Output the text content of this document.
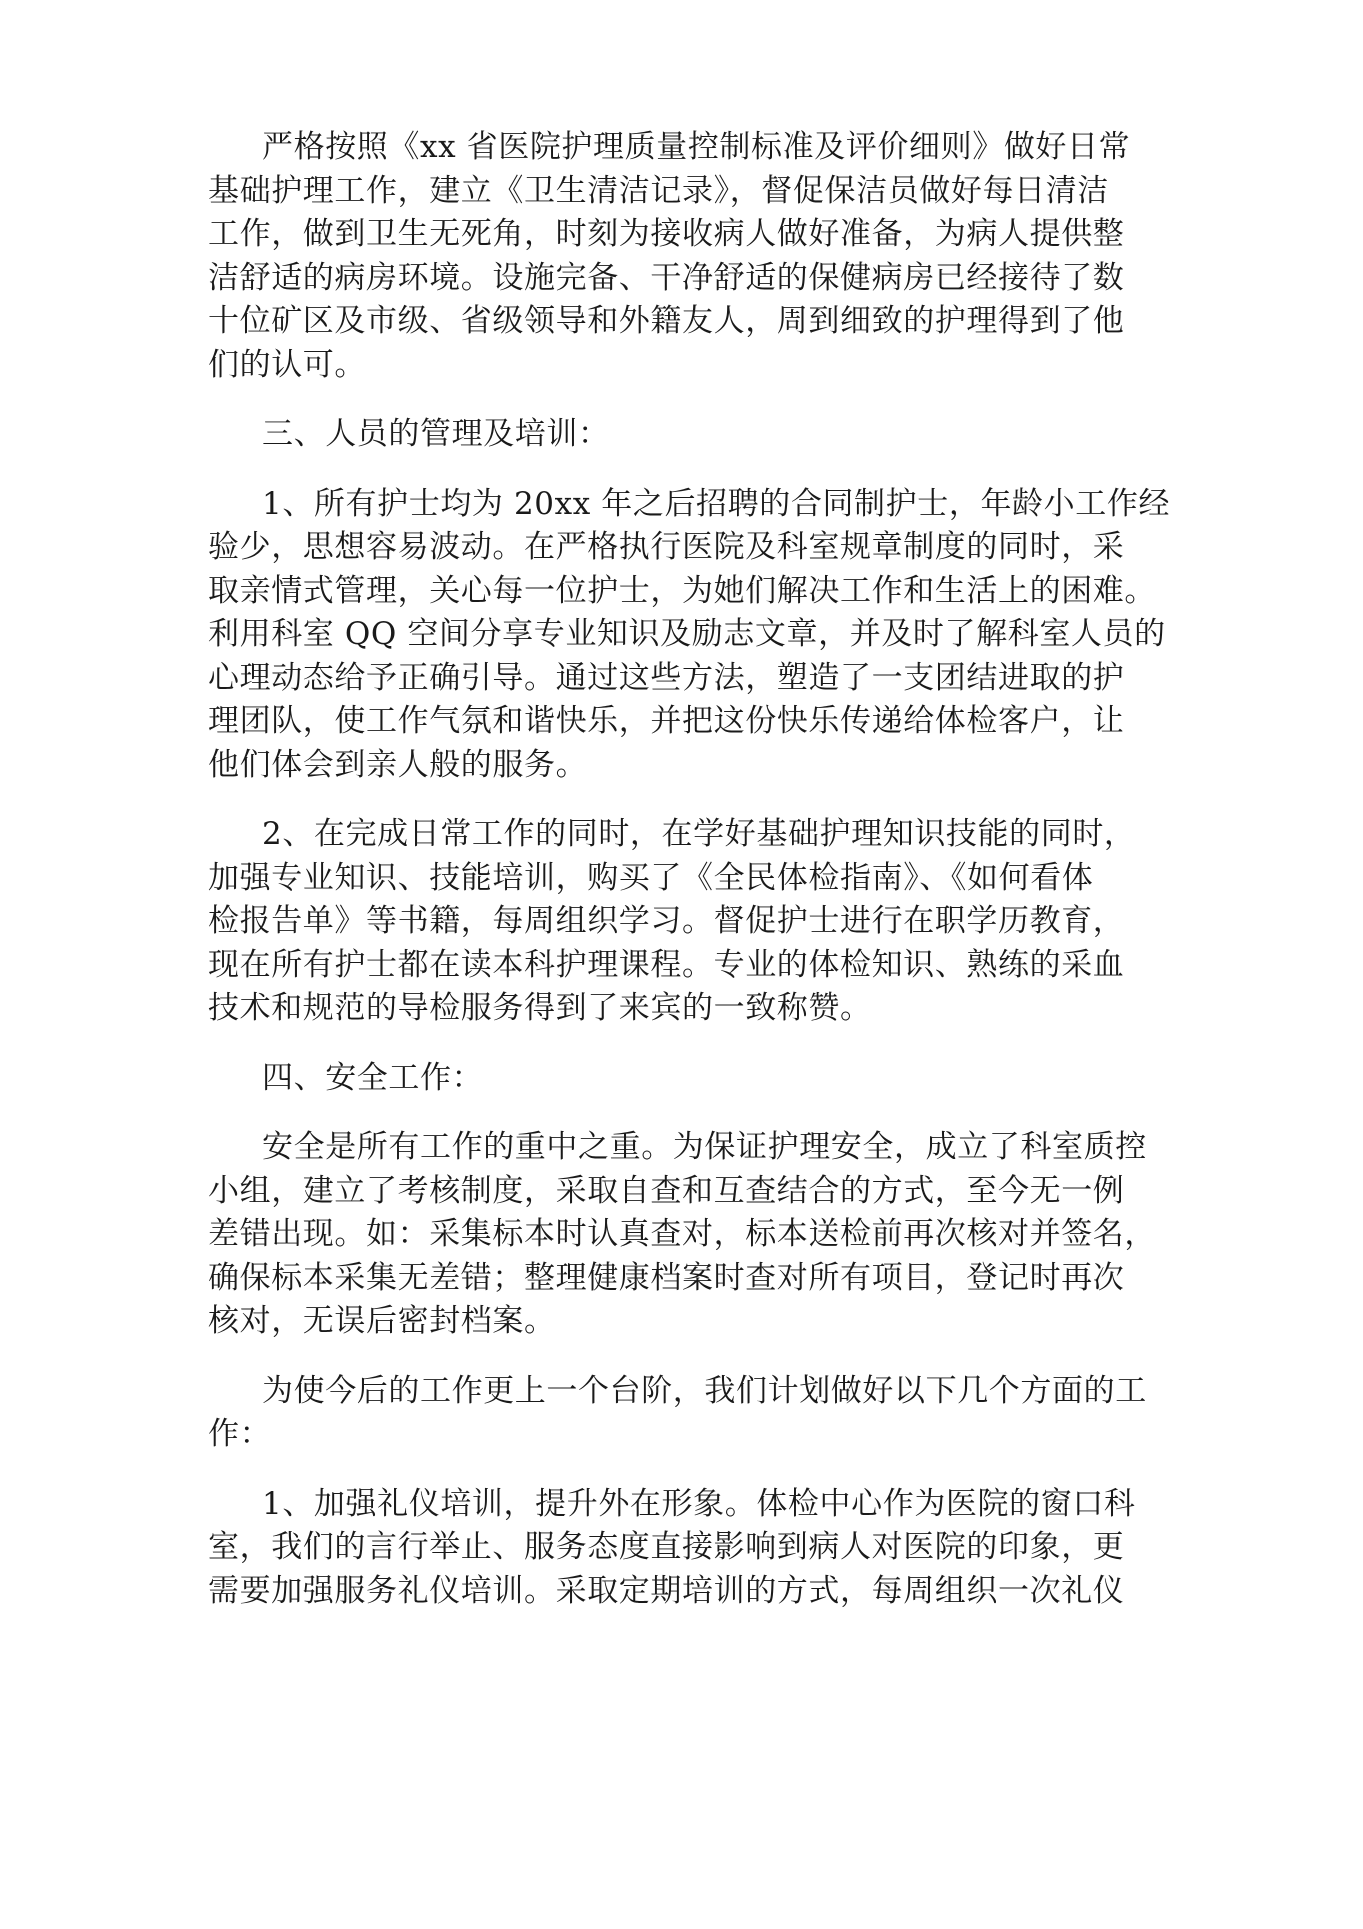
严格按照《xx 省医院护理质量控制标准及评价细则》做好日常
基础护理工作，建立《卫生清洁记录》，督促保洁员做好每日清洁
工作，做到卫生无死角，时刻为接收病人做好准备，为病人提供整
洁舒适的病房环境。设施完备、干净舒适的保健病房已经接待了数
十位矿区及市级、省级领导和外籍友人，周到细致的护理得到了他
们的认可。

三、人员的管理及培训：

1、所有护士均为 20xx 年之后招聘的合同制护士，年龄小工作经
验少，思想容易波动。在严格执行医院及科室规章制度的同时，采
取亲情式管理，关心每一位护士，为她们解决工作和生活上的困难。
利用科室 QQ 空间分享专业知识及励志文章，并及时了解科室人员的
心理动态给予正确引导。通过这些方法，塑造了一支团结进取的护
理团队，使工作气氛和谐快乐，并把这份快乐传递给体检客户，让
他们体会到亲人般的服务。

2、在完成日常工作的同时，在学好基础护理知识技能的同时，
加强专业知识、技能培训，购买了《全民体检指南》、《如何看体
检报告单》等书籍，每周组织学习。督促护士进行在职学历教育，
现在所有护士都在读本科护理课程。专业的体检知识、熟练的采血
技术和规范的导检服务得到了来宾的一致称赞。

四、安全工作：

安全是所有工作的重中之重。为保证护理安全，成立了科室质控
小组，建立了考核制度，采取自查和互查结合的方式，至今无一例
差错出现。如：采集标本时认真查对，标本送检前再次核对并签名，
确保标本采集无差错；整理健康档案时查对所有项目，登记时再次
核对，无误后密封档案。

为使今后的工作更上一个台阶，我们计划做好以下几个方面的工
作：

1、加强礼仪培训，提升外在形象。体检中心作为医院的窗口科
室，我们的言行举止、服务态度直接影响到病人对医院的印象，更
需要加强服务礼仪培训。采取定期培训的方式，每周组织一次礼仪
